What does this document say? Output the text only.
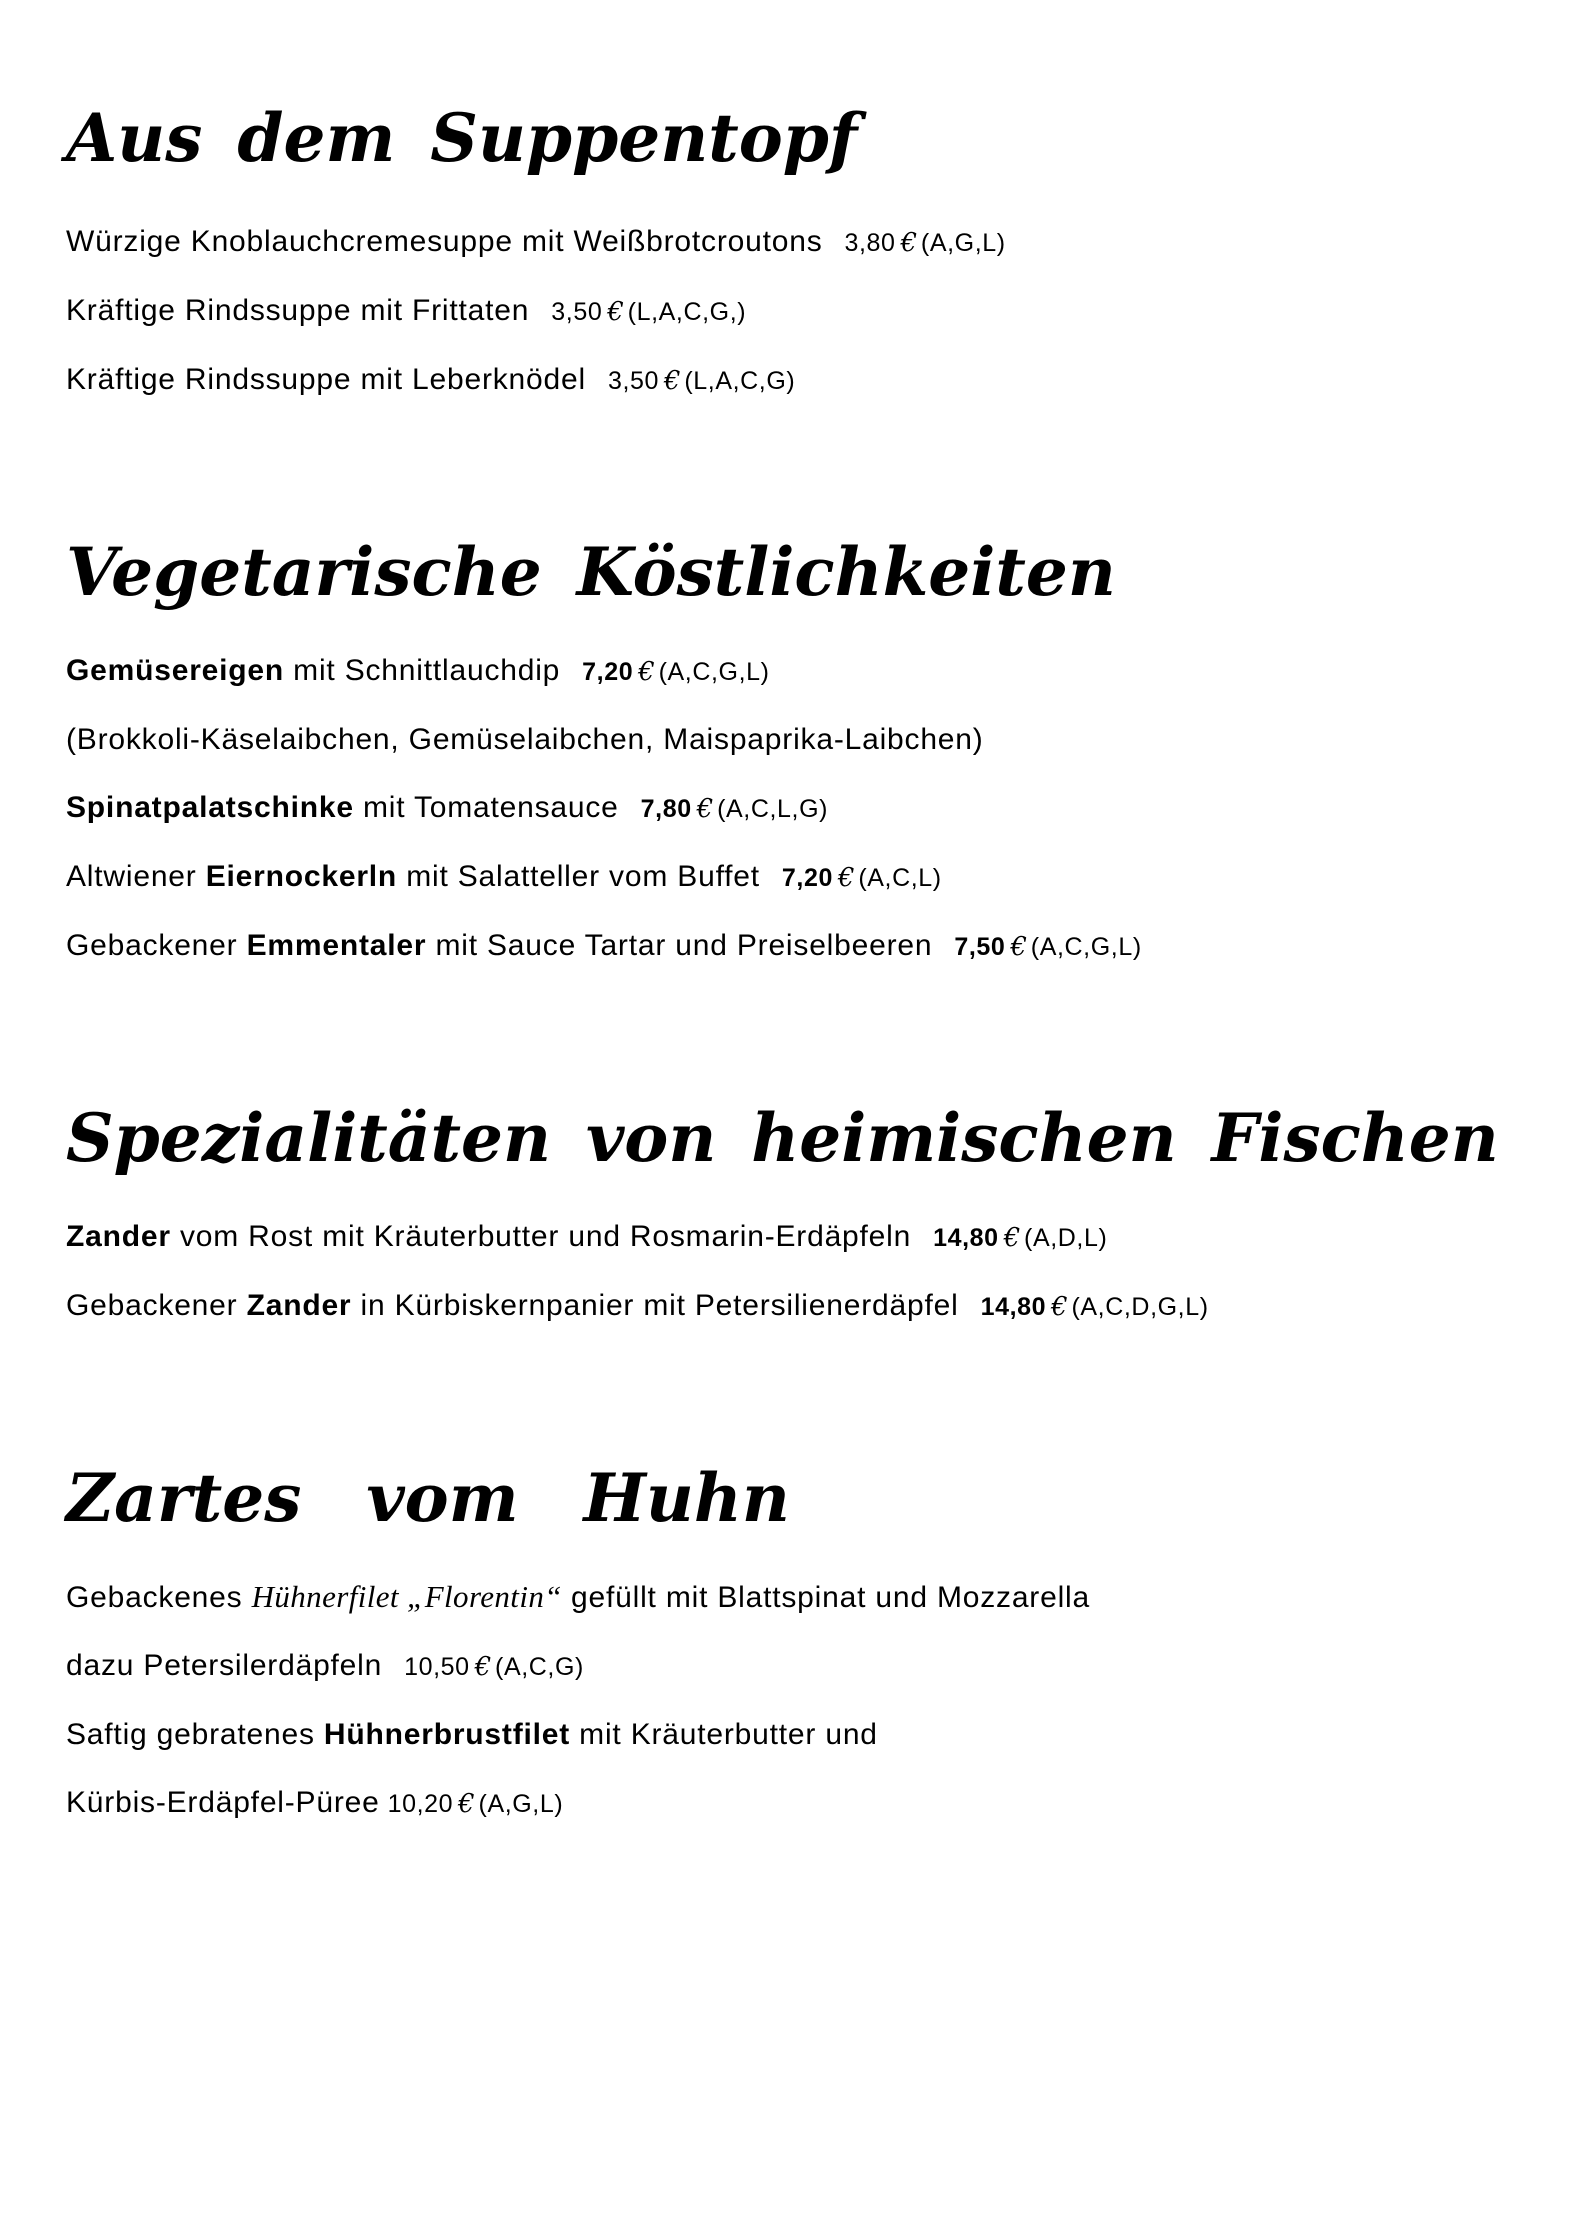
Aus dem Suppentopf

Würzige Knoblauchcremesuppe mit Weißbrotcroutons 3,80 € (A,G,L)

Kräftige Rindssuppe mit Frittaten 3,50 € (L,A,C,G,)

Kräftige Rindssuppe mit Leberknödel 3,50 € (L,A,C,G)

Vegetarische Köstlichkeiten

Gemüsereigen mit Schnittlauchdip 7,20 € (A,C,G,L)

(Brokkoli-Käselaibchen, Gemüselaibchen, Maispaprika-Laibchen)

Spinatpalatschinke mit Tomatensauce 7,80 € (A,C,L,G)

Altwiener Eiernockerln mit Salatteller vom Buffet 7,20 € (A,C,L)

Gebackener Emmentaler mit Sauce Tartar und Preiselbeeren 7,50 € (A,C,G,L)

Spezialitäten von heimischen Fischen

Zander vom Rost mit Kräuterbutter und Rosmarin-Erdäpfeln 14,80 € (A,D,L)

Gebackener Zander in Kürbiskernpanier mit Petersilienerdäpfel 14,80 € (A,C,D,G,L)

Zartes vom Huhn

Gebackenes Hühnerfilet „Florentin“ gefüllt mit Blattspinat und Mozzarella

dazu Petersilerdäpfeln 10,50 € (A,C,G)

Saftig gebratenes Hühnerbrustfilet mit Kräuterbutter und

Kürbis-Erdäpfel-Püree 10,20 € (A,G,L)
